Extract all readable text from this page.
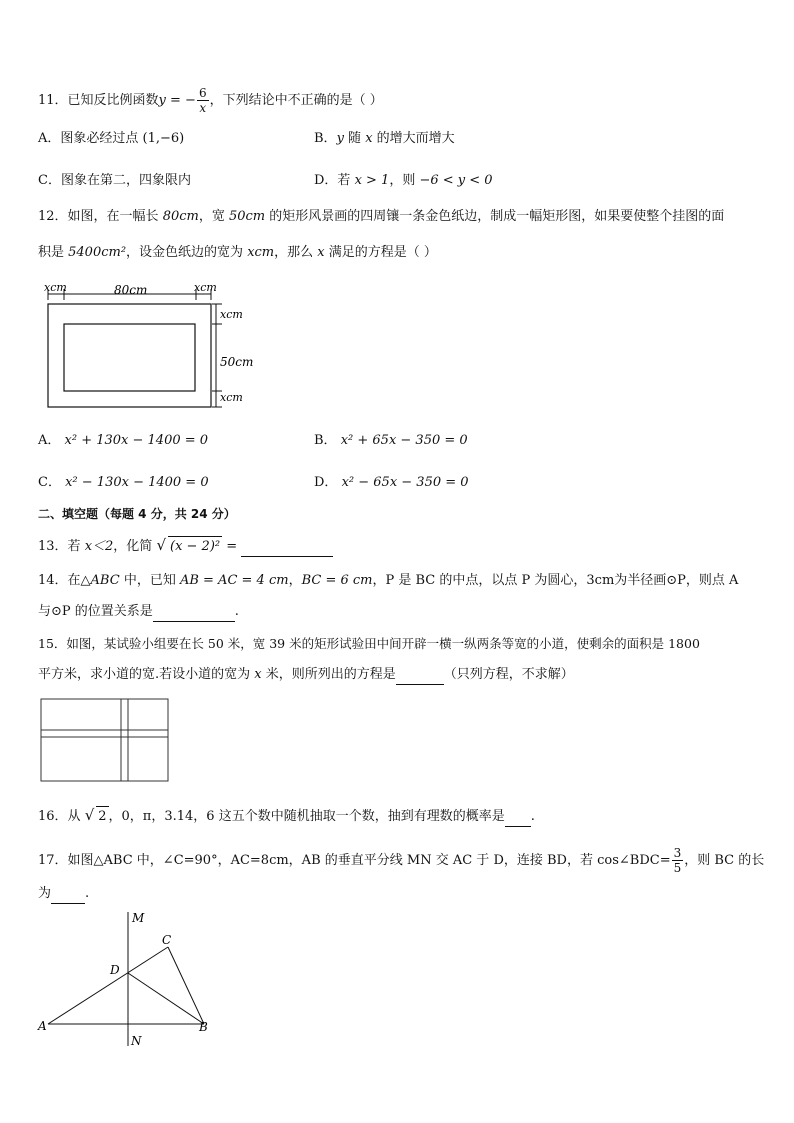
11．已知反比例函数y = − $\frac{6}{x}$ ，下列结论中不正确的是（ ）
A．图象必经过点 (1,−6)	B．y 随 x 的增大而增大
C．图象在第二，四象限内	D．若 x > 1，则 −6 < y < 0
12．如图，在一幅长 80cm，宽 50cm 的矩形风景画的四周镶一条金色纸边，制成一幅矩形图，如果要使整个挂图的面
积是 5400cm²，设金色纸边的宽为 xcm，那么 x 满足的方程是（ ）
xcm	80cm	xcm
xcm
50cm
xcm
A． x² + 130x − 1400 = 0	B． x² + 65x − 350 = 0
C． x² − 130x − 1400 = 0	D． x² − 65x − 350 = 0
二、填空题（每题 4 分，共 24 分）
13．若 x＜2，化简 √ (x − 2)² =
14．在△ABC 中，已知 AB = AC = 4 cm，BC = 6 cm，P 是 BC 的中点，以点 P 为圆心，3cm为半径画⊙P，则点 A
与⊙P 的位置关系是	.
15．如图，某试验小组要在长 50 米，宽 39 米的矩形试验田中间开辟一横一纵两条等宽的小道，使剩余的面积是 1800
平方米，求小道的宽.若设小道的宽为 x 米，则所列出的方程是	（只列方程，不求解）
16．从 √ 2 ，0，π，3.14，6 这五个数中随机抽取一个数，抽到有理数的概率是 .
17．如图△ABC 中，∠C=90°，AC=8cm，AB 的垂直平分线 MN 交 AC 于 D，连接 BD，若 cos∠BDC= $\frac{3}{5}$ ，则 BC 的长
为	.
M
C
D
A	B
N
